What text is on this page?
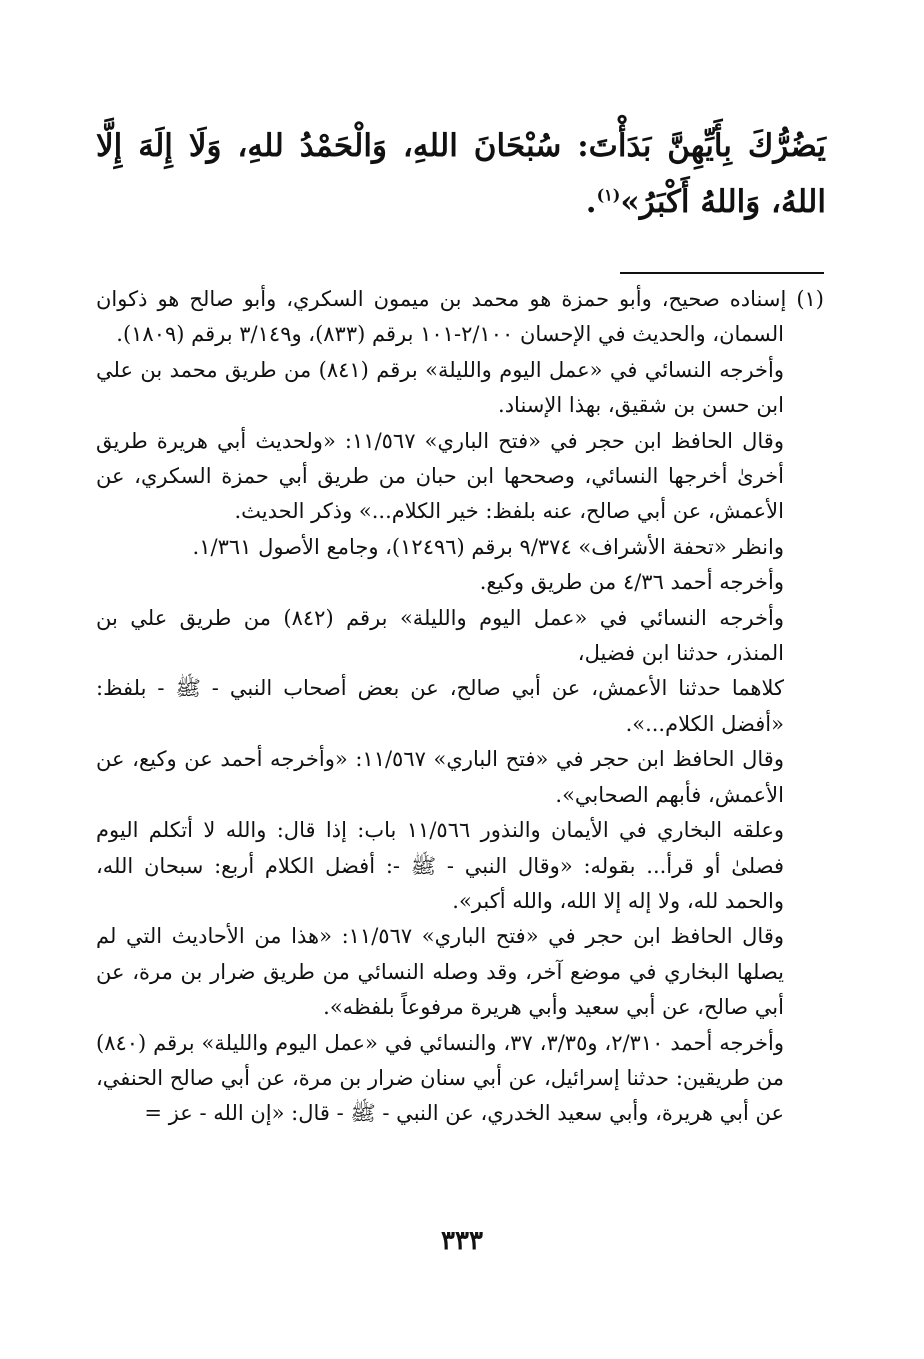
يَضُرُّكَ بِأَيِّهِنَّ بَدَأْتَ: سُبْحَانَ اللهِ، وَالْحَمْدُ للهِ، وَلَا إِلَهَ إِلَّا اللهُ، وَاللهُ أَكْبَرُ»$^{(١)}$.

(١) إسناده صحيح، وأبو حمزة هو محمد بن ميمون السكري، وأبو صالح هو ذكوان السمان، والحديث في الإحسان ٢/١٠٠-١٠١ برقم (٨٣٣)، و٣/١٤٩ برقم (١٨٠٩).

وأخرجه النسائي في «عمل اليوم والليلة» برقم (٨٤١) من طريق محمد بن علي ابن حسن بن شقيق، بهذا الإسناد.

وقال الحافظ ابن حجر في «فتح الباري» ١١/٥٦٧: «ولحديث أبي هريرة طريق أخرىٰ أخرجها النسائي، وصححها ابن حبان من طريق أبي حمزة السكري، عن الأعمش، عن أبي صالح، عنه بلفظ: خير الكلام...» وذكر الحديث.

وانظر «تحفة الأشراف» ٩/٣٧٤ برقم (١٢٤٩٦)، وجامع الأصول ١/٣٦١.

وأخرجه أحمد ٤/٣٦ من طريق وكيع.

وأخرجه النسائي في «عمل اليوم والليلة» برقم (٨٤٢) من طريق علي بن المنذر، حدثنا ابن فضيل،

كلاهما حدثنا الأعمش، عن أبي صالح، عن بعض أصحاب النبي - ﷺ - بلفظ: «أفضل الكلام...».

وقال الحافظ ابن حجر في «فتح الباري» ١١/٥٦٧: «وأخرجه أحمد عن وكيع، عن الأعمش، فأبهم الصحابي».

وعلقه البخاري في الأيمان والنذور ١١/٥٦٦ باب: إذا قال: والله لا أتكلم اليوم فصلىٰ أو قرأ... بقوله: «وقال النبي - ﷺ -: أفضل الكلام أربع: سبحان الله، والحمد لله، ولا إله إلا الله، والله أكبر».

وقال الحافظ ابن حجر في «فتح الباري» ١١/٥٦٧: «هذا من الأحاديث التي لم يصلها البخاري في موضع آخر، وقد وصله النسائي من طريق ضرار بن مرة، عن أبي صالح، عن أبي سعيد وأبي هريرة مرفوعاً بلفظه».

وأخرجه أحمد ٢/٣١٠، و٣/٣٥، ٣٧، والنسائي في «عمل اليوم والليلة» برقم (٨٤٠) من طريقين: حدثنا إسرائيل، عن أبي سنان ضرار بن مرة، عن أبي صالح الحنفي، عن أبي هريرة، وأبي سعيد الخدري، عن النبي - ﷺ - قال: «إن الله - عز =

٣٣٣
